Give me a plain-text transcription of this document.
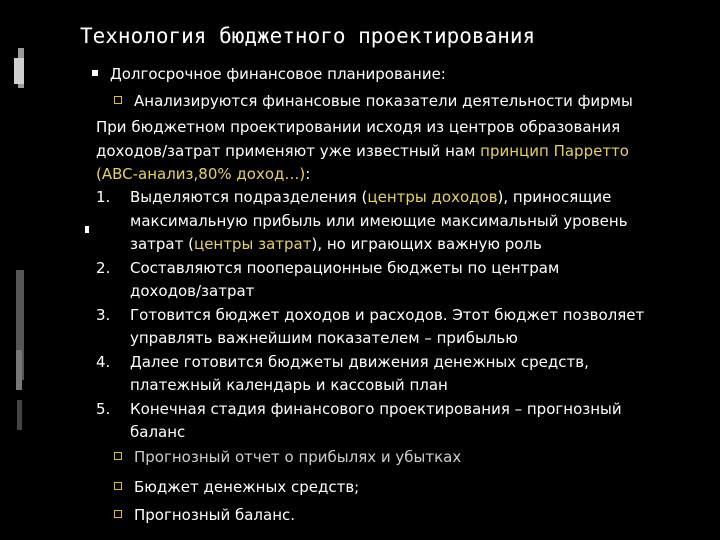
Технология бюджетного проектирования
Долгосрочное финансовое планирование:
Анализируются финансовые показатели деятельности фирмы
При бюджетном проектировании исходя из центров образования
доходов/затрат применяют уже известный нам принцип Парретто
(ABC-анализ,80% доход…):
1. Выделяются подразделения (центры доходов), приносящие
максимальную прибыль или имеющие максимальный уровень
затрат (центры затрат), но играющих важную роль
2. Составляются пооперационные бюджеты по центрам
доходов/затрат
3. Готовится бюджет доходов и расходов. Этот бюджет позволяет
управлять важнейшим показателем – прибылью
4. Далее готовится бюджеты движения денежных средств,
платежный календарь и кассовый план
5. Конечная стадия финансового проектирования – прогнозный
баланс
Прогнозный отчет о прибылях и убытках
Бюджет денежных средств;
Прогнозный баланс.
